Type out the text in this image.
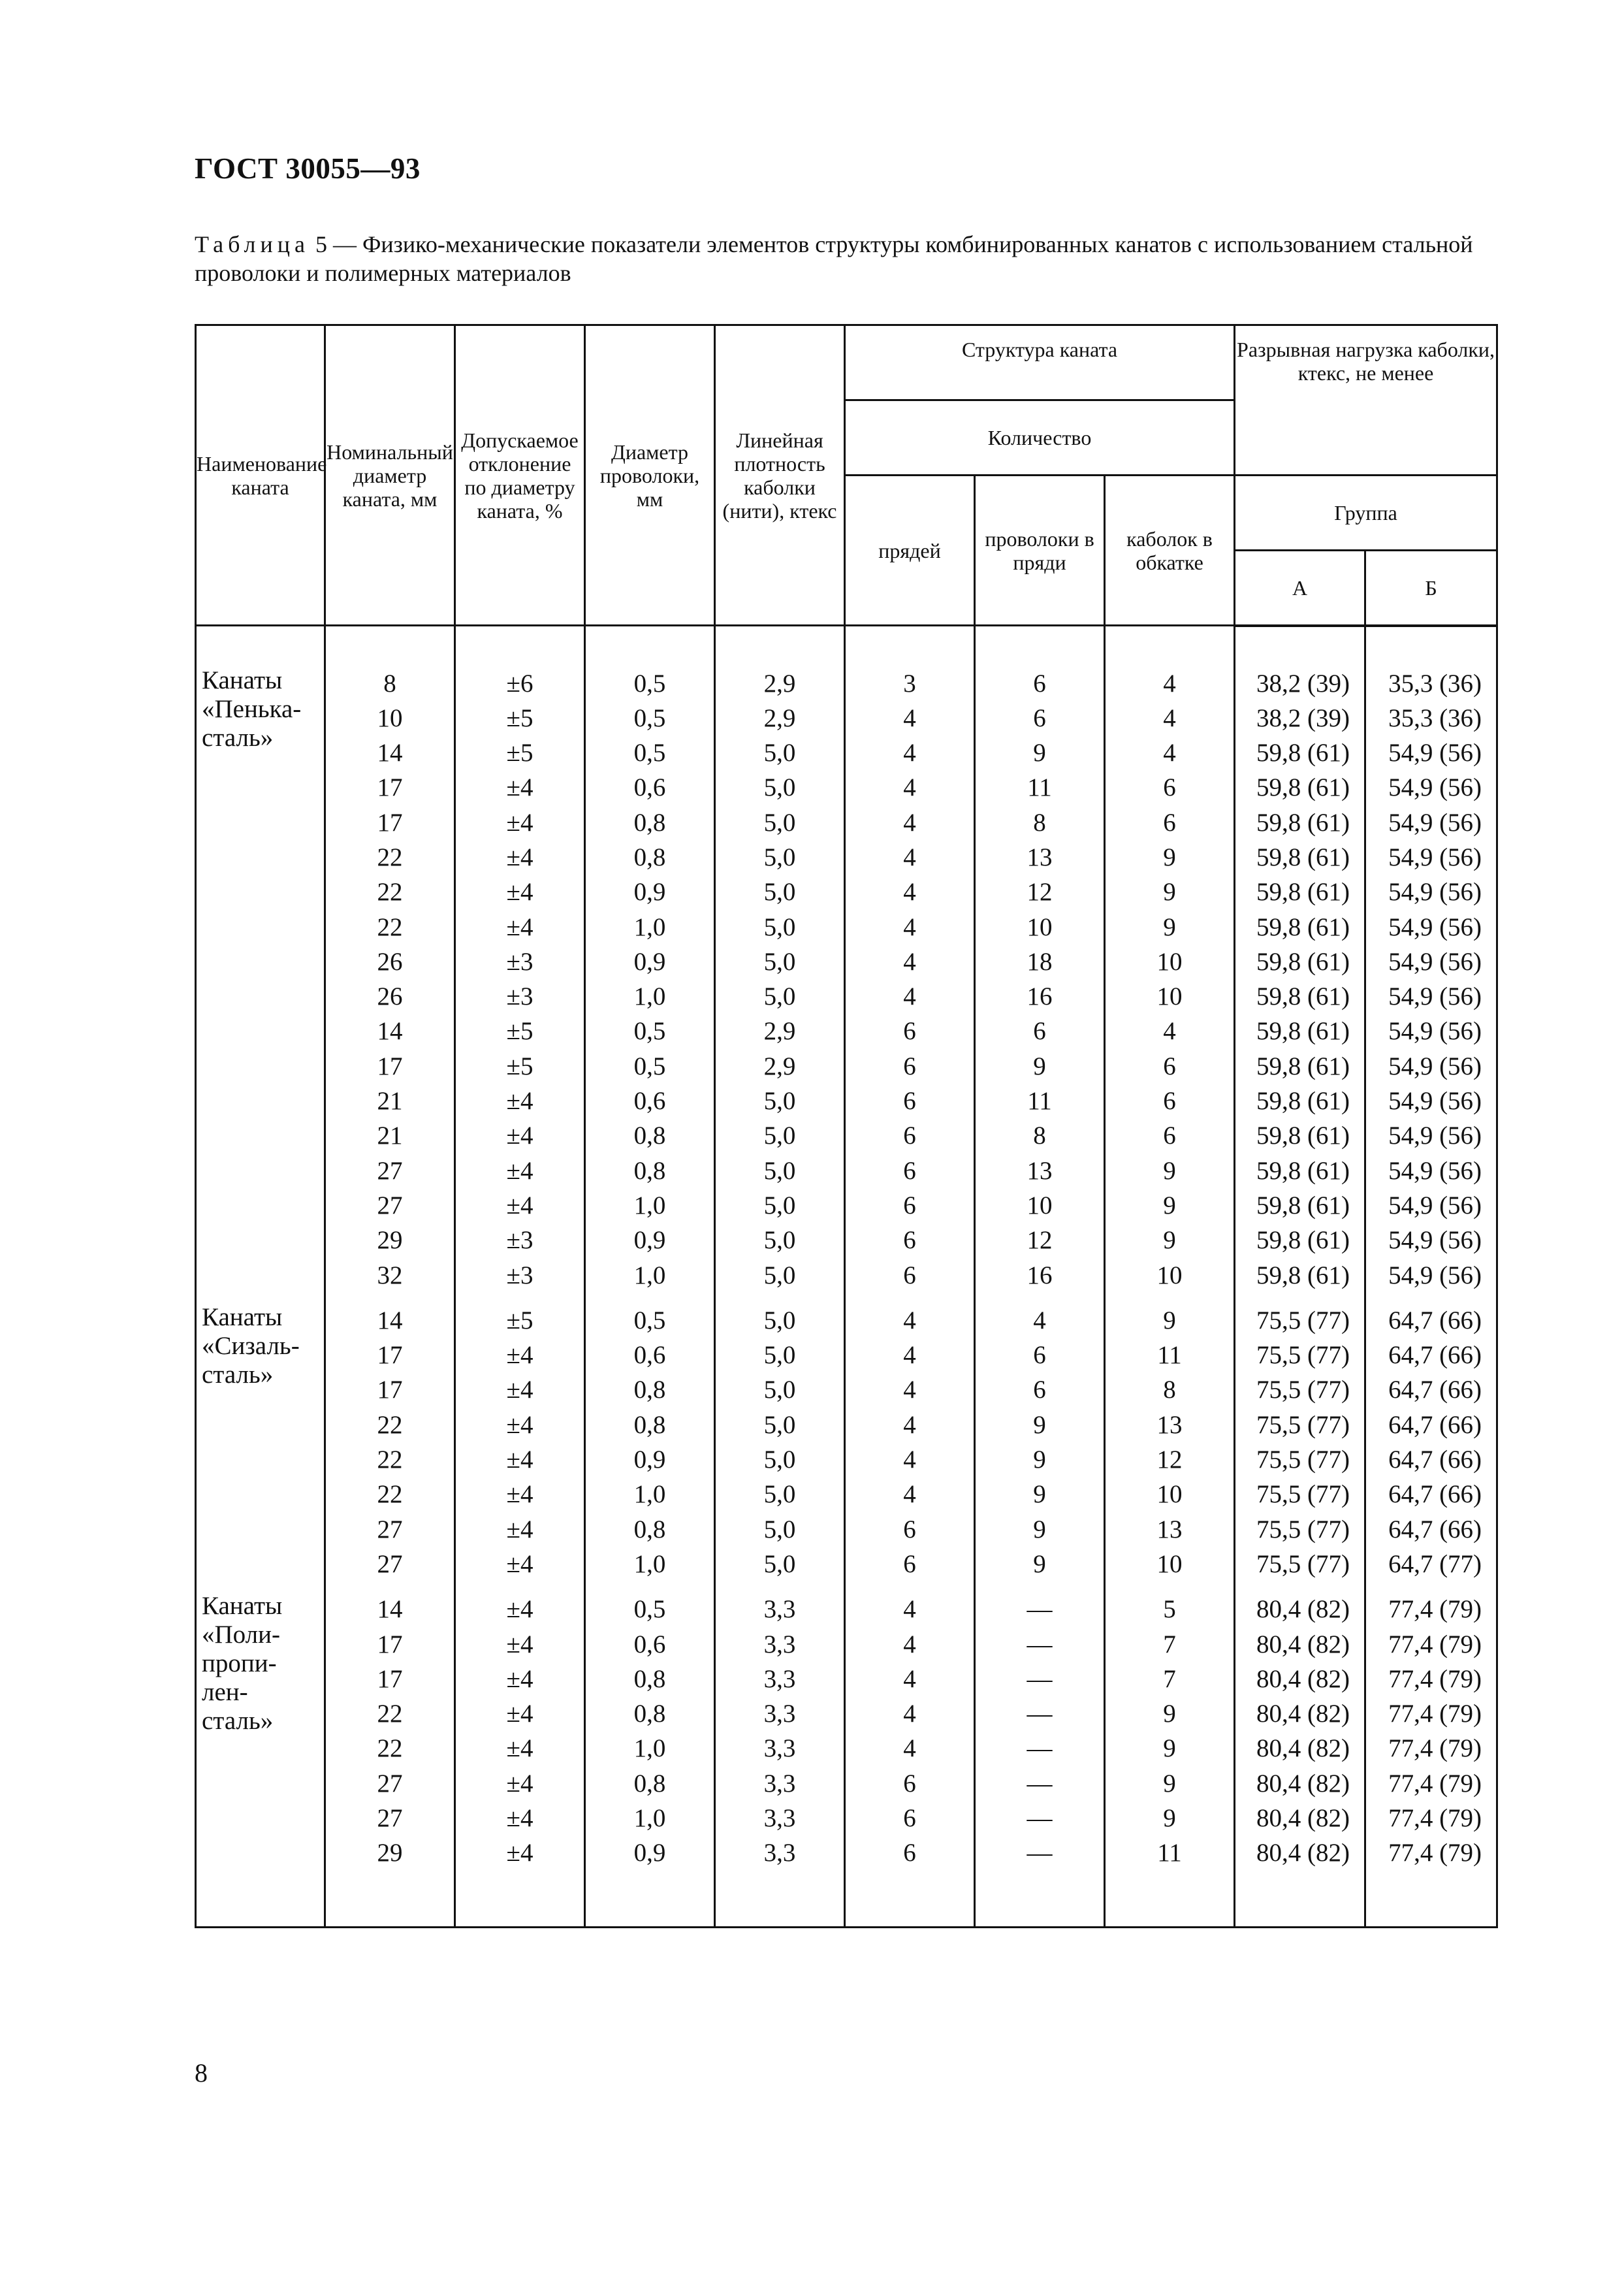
ГОСТ 30055—93
Таблица 5 — Физико-механические показатели элементов структуры комбинированных канатов с использованием стальной проволоки и полимерных материалов
Наименование каната	Номинальный диаметр каната, мм	Допускаемое отклонение по диаметру каната, %	Диаметр проволоки, мм	Линейная плотность каболки (нити), ктекс	Структура каната			Разрывная нагрузка каболки, ктекс, не менее	
					Количество				
					прядей	проволоки в пряди	каболок в обкатке	Группа	
								А	Б

Канаты
«Пенька-
сталь»	8	±6	0,5	2,9	3	6	4	38,2 (39)	35,3 (36)
	10	±5	0,5	2,9	4	6	4	38,2 (39)	35,3 (36)
	14	±5	0,5	5,0	4	9	4	59,8 (61)	54,9 (56)
	17	±4	0,6	5,0	4	11	6	59,8 (61)	54,9 (56)
	17	±4	0,8	5,0	4	8	6	59,8 (61)	54,9 (56)
	22	±4	0,8	5,0	4	13	9	59,8 (61)	54,9 (56)
	22	±4	0,9	5,0	4	12	9	59,8 (61)	54,9 (56)
	22	±4	1,0	5,0	4	10	9	59,8 (61)	54,9 (56)
	26	±3	0,9	5,0	4	18	10	59,8 (61)	54,9 (56)
	26	±3	1,0	5,0	4	16	10	59,8 (61)	54,9 (56)
	14	±5	0,5	2,9	6	6	4	59,8 (61)	54,9 (56)
	17	±5	0,5	2,9	6	9	6	59,8 (61)	54,9 (56)
	21	±4	0,6	5,0	6	11	6	59,8 (61)	54,9 (56)
	21	±4	0,8	5,0	6	8	6	59,8 (61)	54,9 (56)
	27	±4	0,8	5,0	6	13	9	59,8 (61)	54,9 (56)
	27	±4	1,0	5,0	6	10	9	59,8 (61)	54,9 (56)
	29	±3	0,9	5,0	6	12	9	59,8 (61)	54,9 (56)
	32	±3	1,0	5,0	6	16	10	59,8 (61)	54,9 (56)

Канаты
«Сизаль-
сталь»	14	±5	0,5	5,0	4	4	9	75,5 (77)	64,7 (66)
	17	±4	0,6	5,0	4	6	11	75,5 (77)	64,7 (66)
	17	±4	0,8	5,0	4	6	8	75,5 (77)	64,7 (66)
	22	±4	0,8	5,0	4	9	13	75,5 (77)	64,7 (66)
	22	±4	0,9	5,0	4	9	12	75,5 (77)	64,7 (66)
	22	±4	1,0	5,0	4	9	10	75,5 (77)	64,7 (66)
	27	±4	0,8	5,0	6	9	13	75,5 (77)	64,7 (66)
	27	±4	1,0	5,0	6	9	10	75,5 (77)	64,7 (77)

Канаты
«Поли-
пропи-
лен-
сталь»	14	±4	0,5	3,3	4	—	5	80,4 (82)	77,4 (79)
	17	±4	0,6	3,3	4	—	7	80,4 (82)	77,4 (79)
	17	±4	0,8	3,3	4	—	7	80,4 (82)	77,4 (79)
	22	±4	0,8	3,3	4	—	9	80,4 (82)	77,4 (79)
	22	±4	1,0	3,3	4	—	9	80,4 (82)	77,4 (79)
	27	±4	0,8	3,3	6	—	9	80,4 (82)	77,4 (79)
	27	±4	1,0	3,3	6	—	9	80,4 (82)	77,4 (79)
	29	±4	0,9	3,3	6	—	11	80,4 (82)	77,4 (79)

8
